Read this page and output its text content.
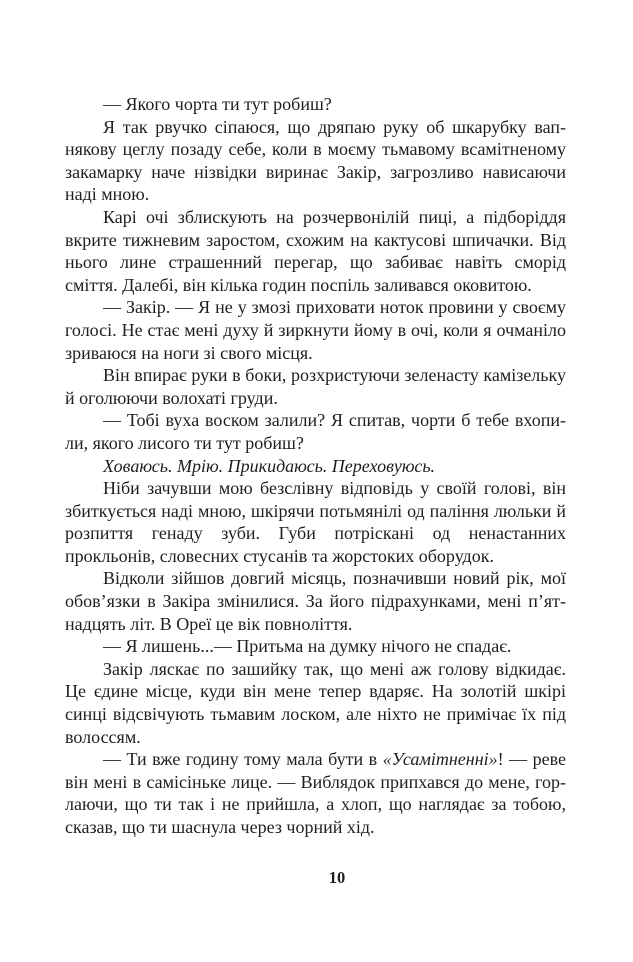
— Якого чорта ти тут робиш?

Я так рвучко сіпаюся, що дряпаю руку об шкарубку вапнякову цеглу позаду себе, коли в моєму тьмавому всамітненому закамарку наче нізвідки виринає Закір, загрозливо нависаючи наді мною.

Карі очі зблискують на розчервонілій пиці, а підборіддя вкрите тижневим заростом, схожим на кактусові шпичачки. Від нього лине страшенний перегар, що забиває навіть сморід сміття. Далебі, він кілька годин поспіль заливався оковитою.

— Закір. — Я не у змозі приховати ноток провини у своєму голосі. Не стає мені духу й зиркнути йому в очі, коли я очманіло зриваюся на ноги зі свого місця.

Він впирає руки в боки, розхристуючи зеленасту камізельку й оголюючи волохаті груди.

— Тобі вуха воском залили? Я спитав, чорти б тебе вхопили, якого лисого ти тут робиш?

Ховаюсь. Мрію. Прикидаюсь. Переховуюсь.

Ніби зачувши мою безслівну відповідь у своїй голові, він збиткується наді мною, шкірячи потьмянілі од паління люльки й розпиття генаду зуби. Губи потріскані од ненастанних прокльонів, словесних стусанів та жорстоких оборудок.

Відколи зійшов довгий місяць, позначивши новий рік, мої обов’язки в Закіра змінилися. За його підрахунками, мені п’ятнадцять літ. В Ореї це вік повноліття.

— Я лишень...— Притьма на думку нічого не спадає.

Закір ляскає по зашийку так, що мені аж голову відкидає. Це єдине місце, куди він мене тепер вдаряє. На золотій шкірі синці відсвічують тьмавим лоском, але ніхто не примічає їх під волоссям.

— Ти вже годину тому мала бути в «Усамітненні»! — реве він мені в самісіньке лице. — Виблядок припхався до мене, горлаючи, що ти так і не прийшла, а хлоп, що наглядає за тобою, сказав, що ти шаснула через чорний хід.

10
